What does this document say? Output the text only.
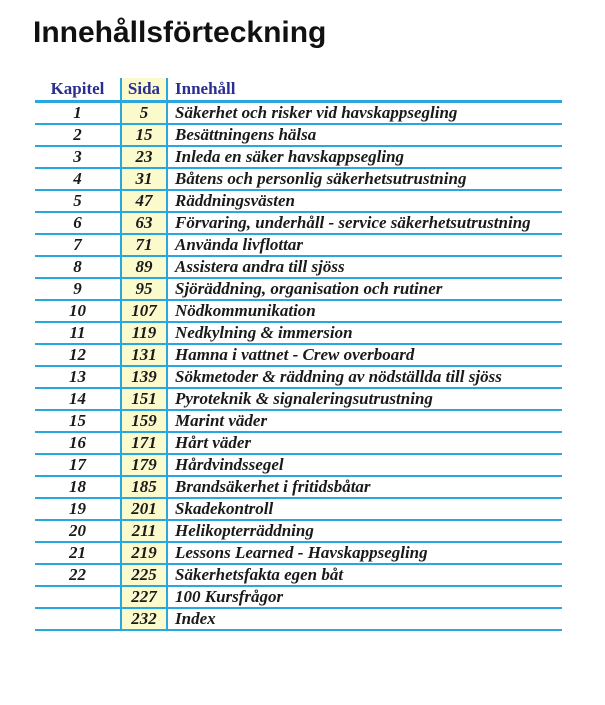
Innehållsförteckning
Kapitel	Sida	Innehåll
1	5	Säkerhet och risker vid havskappsegling
2	15	Besättningens hälsa
3	23	Inleda en säker havskappsegling
4	31	Båtens och personlig säkerhetsutrustning
5	47	Räddningsvästen
6	63	Förvaring, underhåll - service säkerhetsutrustning
7	71	Använda livflottar
8	89	Assistera andra till sjöss
9	95	Sjöräddning, organisation och rutiner
10	107	Nödkommunikation
11	119	Nedkylning & immersion
12	131	Hamna i vattnet - Crew overboard
13	139	Sökmetoder & räddning av nödställda till sjöss
14	151	Pyroteknik & signaleringsutrustning
15	159	Marint väder
16	171	Hårt väder
17	179	Hårdvindssegel
18	185	Brandsäkerhet i fritidsbåtar
19	201	Skadekontroll
20	211	Helikopterräddning
21	219	Lessons Learned - Havskappsegling
22	225	Säkerhetsfakta egen båt
	227	100 Kursfrågor
	232	Index
